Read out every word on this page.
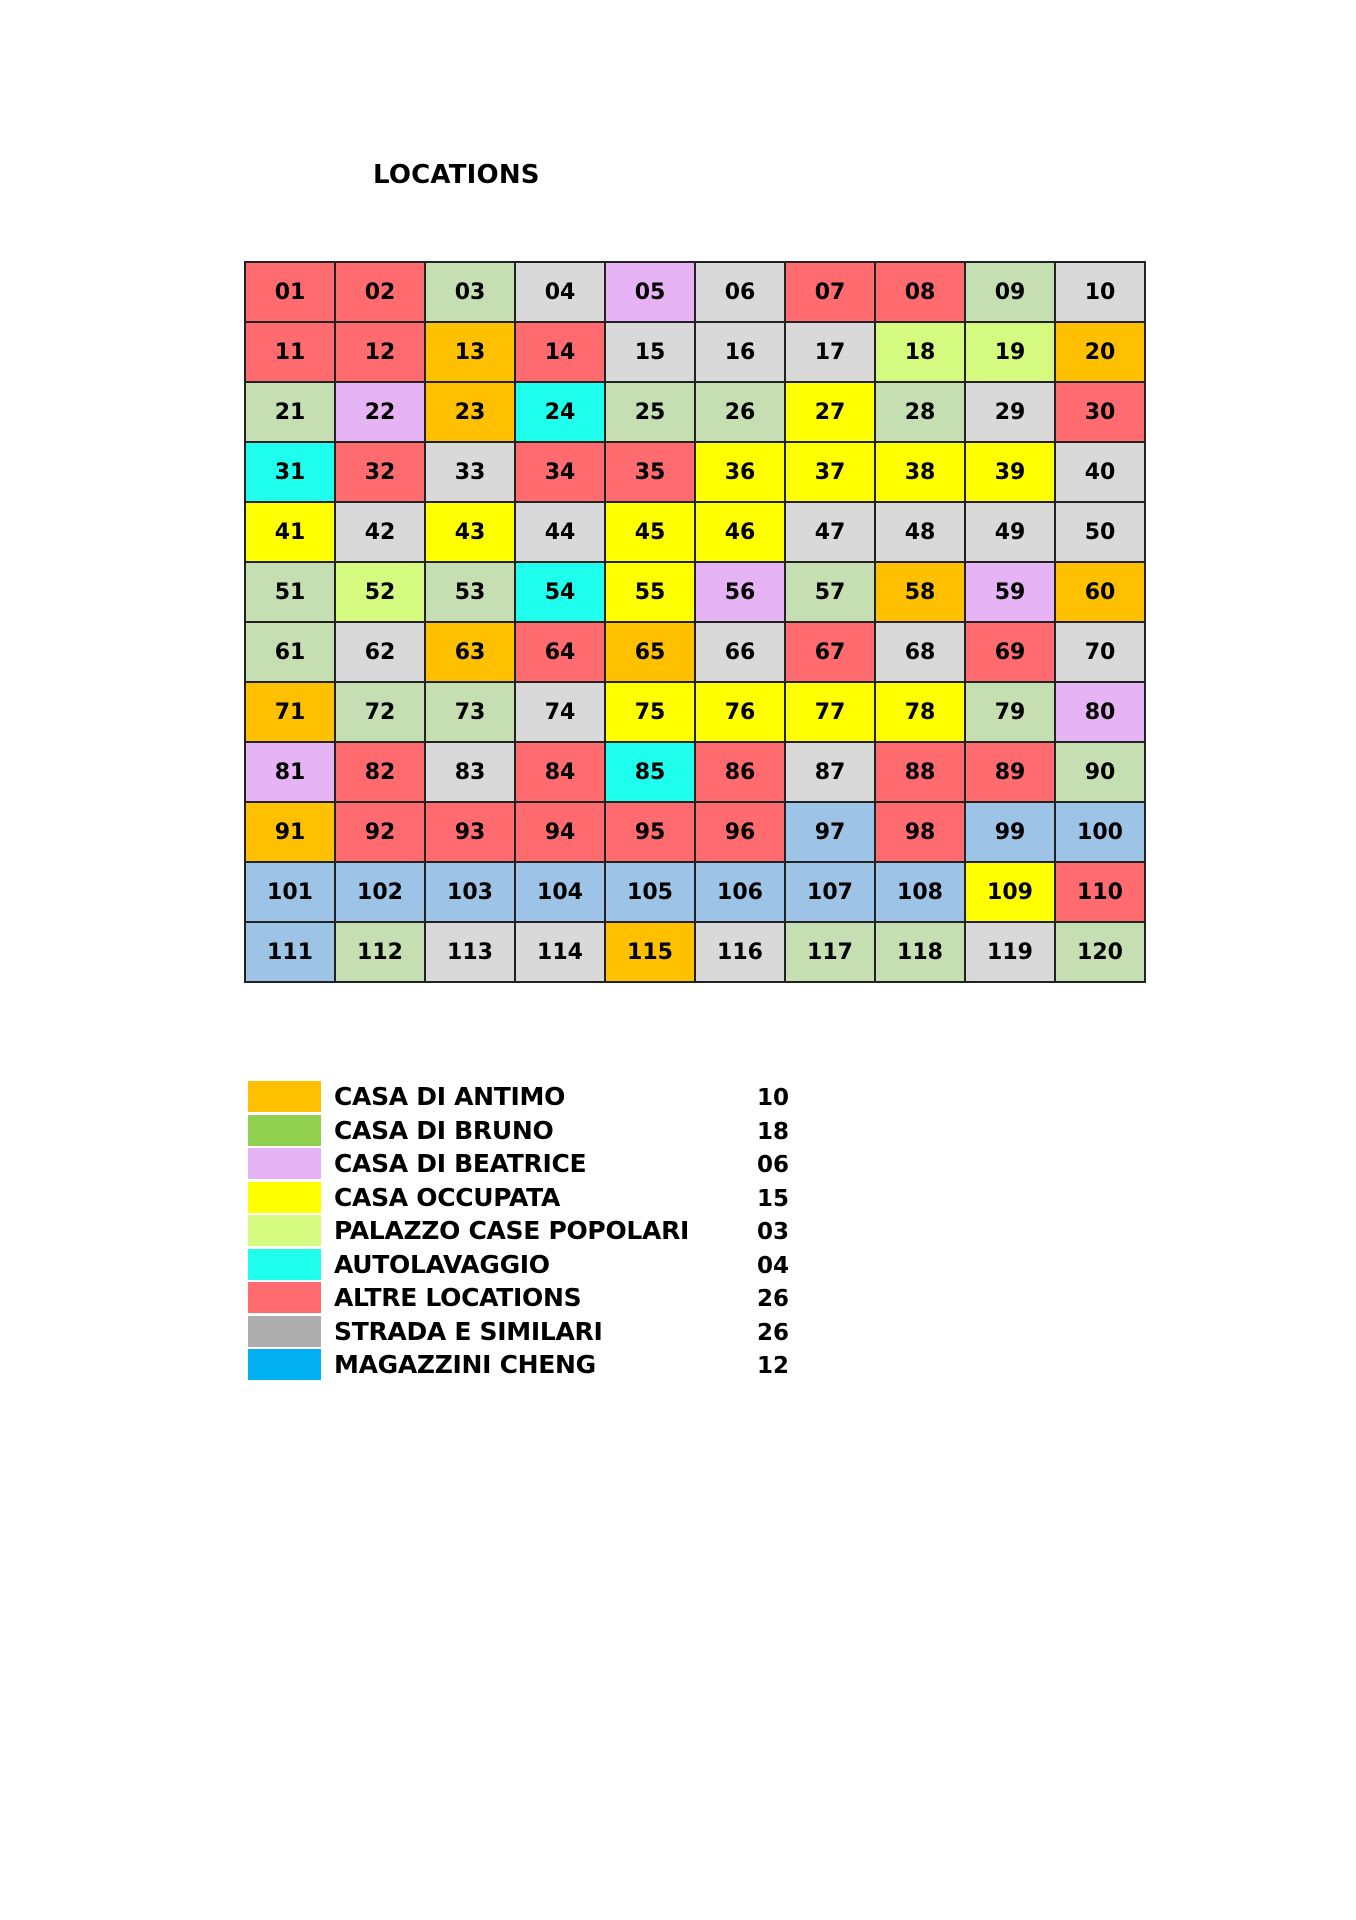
LOCATIONS
01	02	03	04	05	06	07	08	09	10
11	12	13	14	15	16	17	18	19	20
21	22	23	24	25	26	27	28	29	30
31	32	33	34	35	36	37	38	39	40
41	42	43	44	45	46	47	48	49	50
51	52	53	54	55	56	57	58	59	60
61	62	63	64	65	66	67	68	69	70
71	72	73	74	75	76	77	78	79	80
81	82	83	84	85	86	87	88	89	90
91	92	93	94	95	96	97	98	99	100
101	102	103	104	105	106	107	108	109	110
111	112	113	114	115	116	117	118	119	120
CASA DI ANTIMO	10
CASA DI BRUNO	18
CASA DI BEATRICE	06
CASA OCCUPATA	15
PALAZZO CASE POPOLARI	03
AUTOLAVAGGIO	04
ALTRE LOCATIONS	26
STRADA E SIMILARI	26
MAGAZZINI CHENG	12
